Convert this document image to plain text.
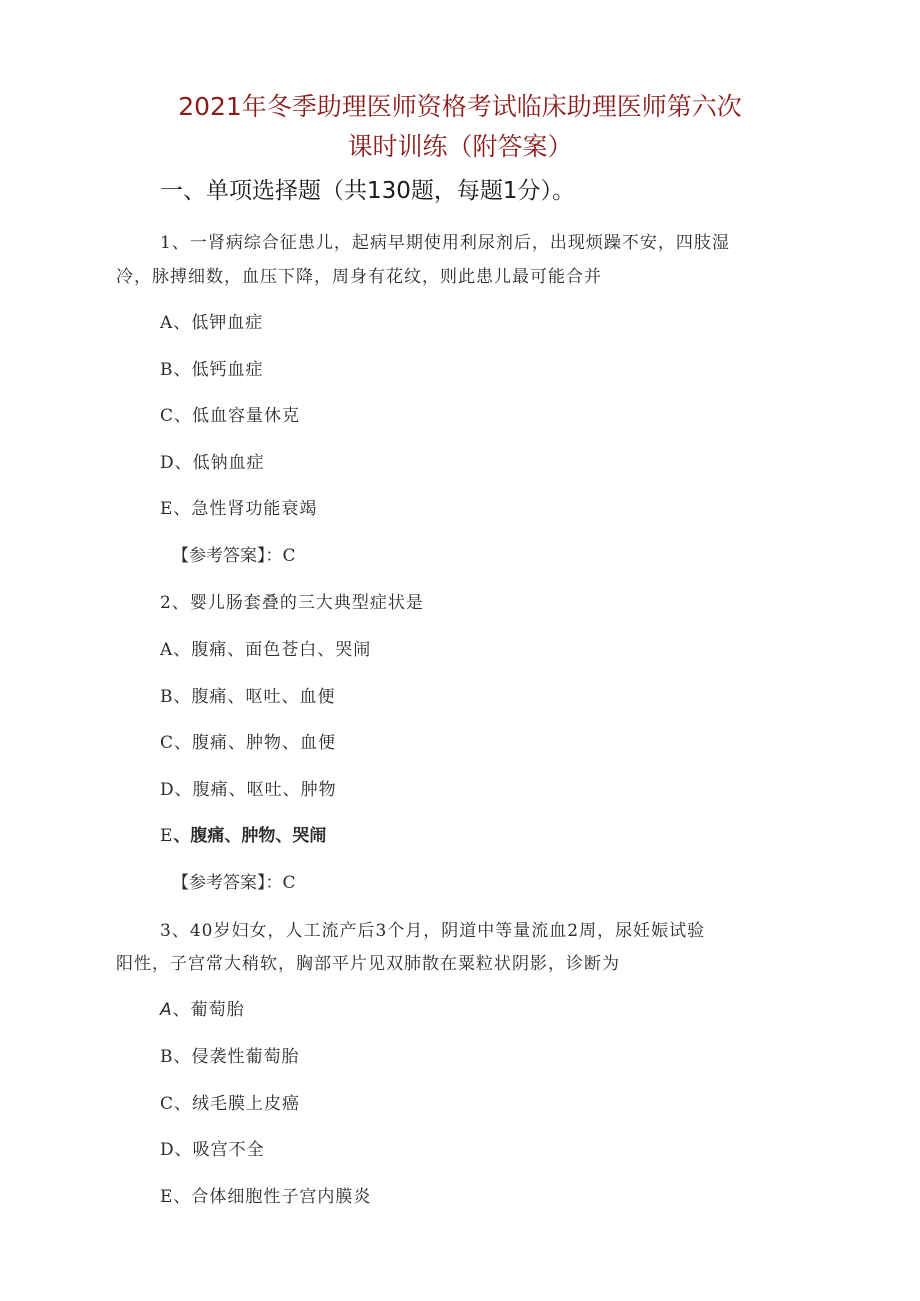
2021年冬季助理医师资格考试临床助理医师第六次
课时训练（附答案）
一、单项选择题（共130题，每题1分）。
1、一肾病综合征患儿，起病早期使用利尿剂后，出现烦躁不安，四肢湿
冷，脉搏细数，血压下降，周身有花纹，则此患儿最可能合并
A、低钾血症
B、低钙血症
C、低血容量休克
D、低钠血症
E、急性肾功能衰竭
【参考答案】：C
2、婴儿肠套叠的三大典型症状是
A、腹痛、面色苍白、哭闹
B、腹痛、呕吐、血便
C、腹痛、肿物、血便
D、腹痛、呕吐、肿物
E、腹痛、肿物、哭闹
【参考答案】：C
3、40岁妇女，人工流产后3个月，阴道中等量流血2周，尿妊娠试验
阳性，子宫常大稍软，胸部平片见双肺散在粟粒状阴影，诊断为
A、葡萄胎
B、侵袭性葡萄胎
C、绒毛膜上皮癌
D、吸宫不全
E、合体细胞性子宫内膜炎
